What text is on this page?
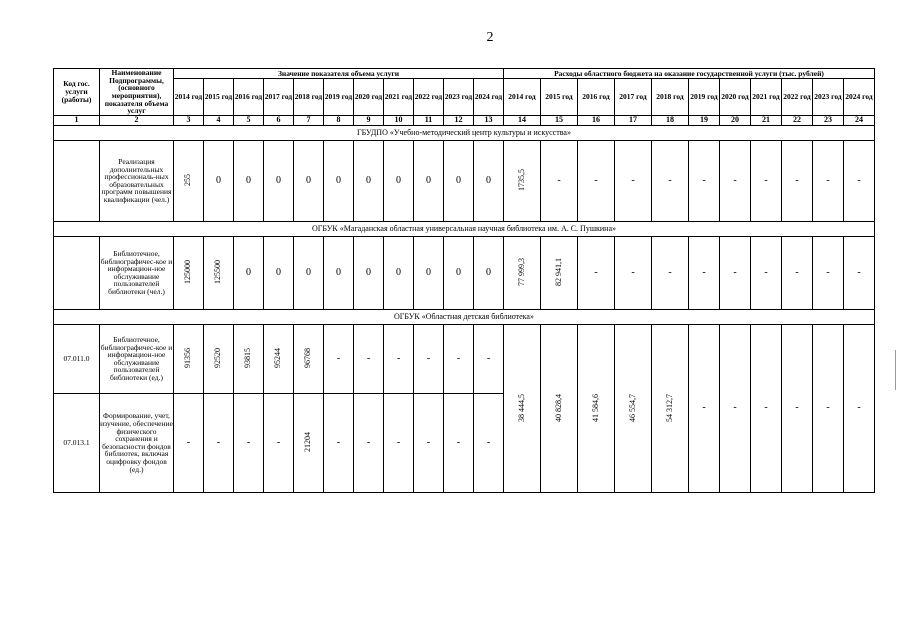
2
Код гос. услуги (работы)	Наименование Подпрограммы, (основного мероприятия), показателя объема услуг	Значение показателя объема услуги											Расходы областного бюджета на оказание государственной услуги (тыс. рублей)										
		2014 год	2015 год	2016 год	2017 год	2018 год	2019 год	2020 год	2021 год	2022 год	2023 год	2024 год	2014 год	2015 год	2016 год	2017 год	2018 год	2019 год	2020 год	2021 год	2022 год	2023 год	2024 год
1	2	3	4	5	6	7	8	9	10	11	12	13	14	15	16	17	18	19	20	21	22	23	24
ГБУДПО «Учебно-методический центр культуры и искусства»																							
	Реализация дополнительных профессиональ-ных образовательных программ повышения квалификации (чел.)	255	0	0	0	0	0	0	0	0	0	0	1735,5	-	-	-	-	-	-	-	-	-	-
ОГБУК «Магаданская областная универсальная научная библиотека им. А. С. Пушкина»																							
	Библиотечное, библиографичес-кое и информацион-ное обслуживание пользователей библиотеки (чел.)	125000	125500	0	0	0	0	0	0	0	0	0	77 999,3	82 941,1	-	-	-	-	-	-	-	-	-
ОГБУК «Областная детская библиотека»																							
07.011.0	Библиотечное, библиографичес-кое и информацион-ное обслуживание пользователей библиотеки (ед.)	91356	92520	93815	95244	96768	-	-	-	-	-	-	38 444,5	40 828,4	41 584,6	46 554,7	54 312,7	-	-	-	-	-	-
07.013.1	Формирование, учет, изучение, обеспечение физического сохранения и безопасности фондов библиотек, включая оцифровку фондов (ед.)	-	-	-	-	21204	-	-	-	-	-	-											
